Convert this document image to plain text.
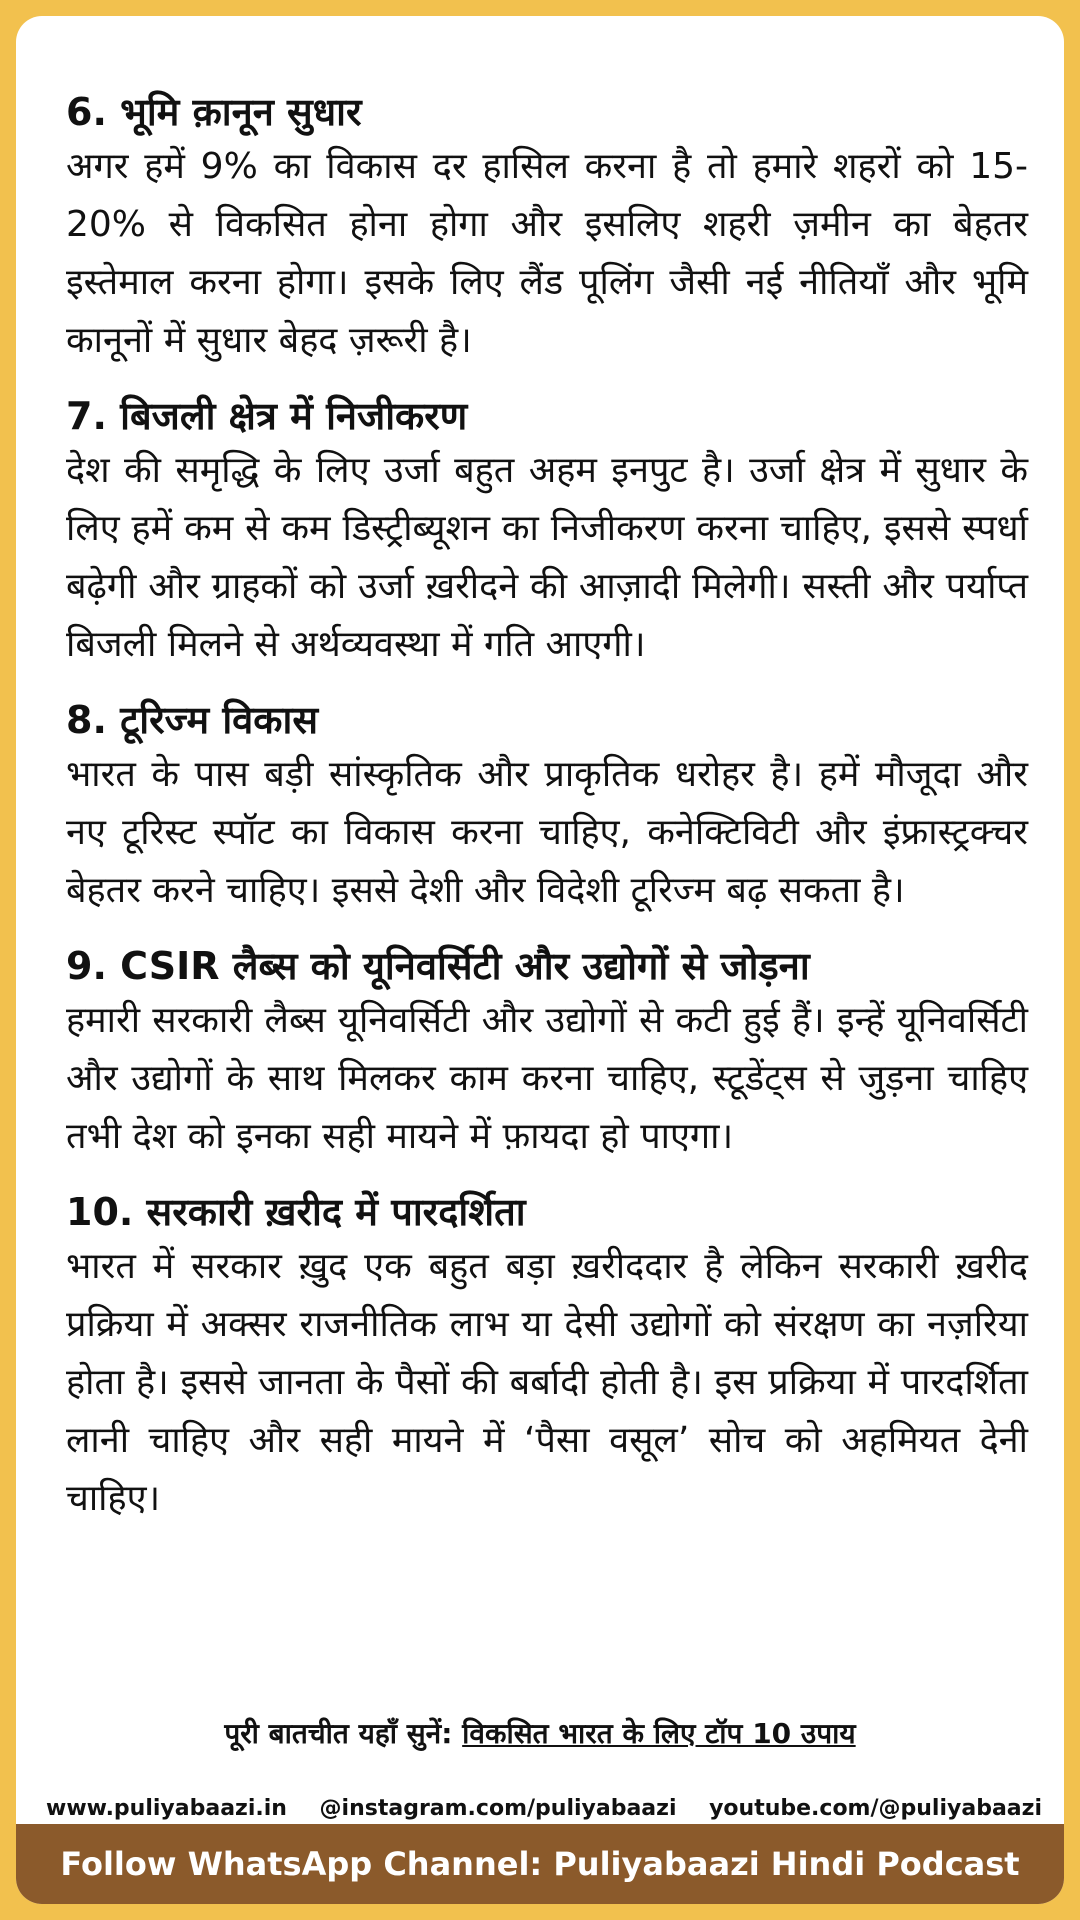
6. भूमि क़ानून सुधार

अगर हमें 9% का विकास दर हासिल करना है तो हमारे शहरों को 15-20% से विकसित होना होगा और इसलिए शहरी ज़मीन का बेहतर इस्तेमाल करना होगा। इसके लिए लैंड पूलिंग जैसी नई नीतियाँ और भूमि कानूनों में सुधार बेहद ज़रूरी है।

7. बिजली क्षेत्र में निजीकरण

देश की समृद्धि के लिए उर्जा बहुत अहम इनपुट है। उर्जा क्षेत्र में सुधार के लिए हमें कम से कम डिस्ट्रीब्यूशन का निजीकरण करना चाहिए, इससे स्पर्धा बढ़ेगी और ग्राहकों को उर्जा ख़रीदने की आज़ादी मिलेगी। सस्ती और पर्याप्त बिजली मिलने से अर्थव्यवस्था में गति आएगी।

8. टूरिज्म विकास

भारत के पास बड़ी सांस्कृतिक और प्राकृतिक धरोहर है। हमें मौजूदा और नए टूरिस्ट स्पॉट का विकास करना चाहिए, कनेक्टिविटी और इंफ्रास्ट्रक्चर बेहतर करने चाहिए। इससे देशी और विदेशी टूरिज्म बढ़ सकता है।

9. CSIR लैब्स को यूनिवर्सिटी और उद्योगों से जोड़ना

हमारी सरकारी लैब्स यूनिवर्सिटी और उद्योगों से कटी हुई हैं। इन्हें यूनिवर्सिटी और उद्योगों के साथ मिलकर काम करना चाहिए, स्टूडेंट्स से जुड़ना चाहिए तभी देश को इनका सही मायने में फ़ायदा हो पाएगा।

10. सरकारी ख़रीद में पारदर्शिता

भारत में सरकार ख़ुद एक बहुत बड़ा ख़रीददार है लेकिन सरकारी ख़रीद प्रक्रिया में अक्सर राजनीतिक लाभ या देसी उद्योगों को संरक्षण का नज़रिया होता है। इससे जानता के पैसों की बर्बादी होती है। इस प्रक्रिया में पारदर्शिता लानी चाहिए और सही मायने में ‘पैसा वसूल’ सोच को अहमियत देनी चाहिए।

पूरी बातचीत यहाँ सुनें: विकसित भारत के लिए टॉप 10 उपाय
www.puliyabaazi.in @instagram.com/puliyabaazi youtube.com/@puliyabaazi
Follow WhatsApp Channel: Puliyabaazi Hindi Podcast
